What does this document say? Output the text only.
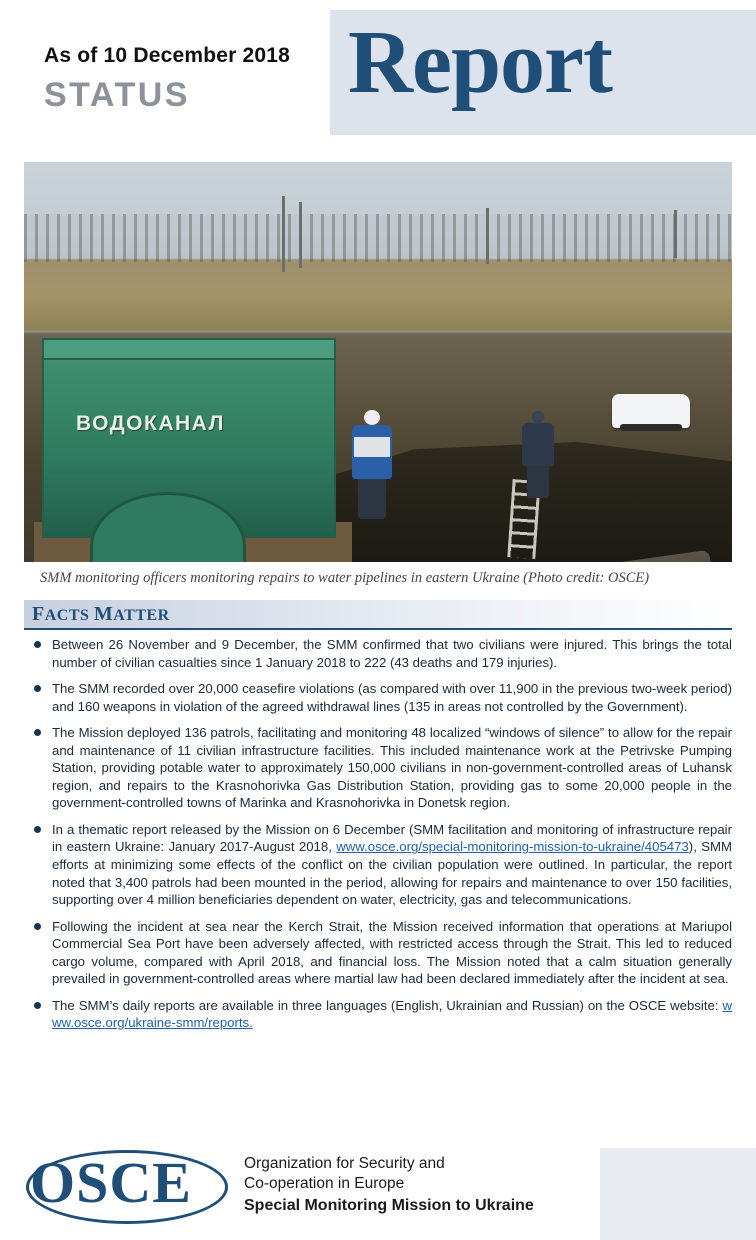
As of 10 December 2018
STATUS Report
ВОДОКАНАЛ
SMM monitoring officers monitoring repairs to water pipelines in eastern Ukraine (Photo credit: OSCE)
FACTS MATTER
Between 26 November and 9 December, the SMM confirmed that two civilians were injured. This brings the total number of civilian casualties since 1 January 2018 to 222 (43 deaths and 179 injuries).
The SMM recorded over 20,000 ceasefire violations (as compared with over 11,900 in the previous two-week period) and 160 weapons in violation of the agreed withdrawal lines (135 in areas not controlled by the Government).
The Mission deployed 136 patrols, facilitating and monitoring 48 localized “windows of silence” to allow for the repair and maintenance of 11 civilian infrastructure facilities. This included maintenance work at the Petrivske Pumping Station, providing potable water to approximately 150,000 civilians in non-government-controlled areas of Luhansk region, and repairs to the Krasnohorivka Gas Distribution Station, providing gas to some 20,000 people in the government-controlled towns of Marinka and Krasnohorivka in Donetsk region.
In a thematic report released by the Mission on 6 December (SMM facilitation and monitoring of infrastructure repair in eastern Ukraine: January 2017-August 2018, www.osce.org/special-monitoring-mission-to-ukraine/405473), SMM efforts at minimizing some effects of the conflict on the civilian population were outlined. In particular, the report noted that 3,400 patrols had been mounted in the period, allowing for repairs and maintenance to over 150 facilities, supporting over 4 million beneficiaries dependent on water, electricity, gas and telecommunications.
Following the incident at sea near the Kerch Strait, the Mission received information that operations at Mariupol Commercial Sea Port have been adversely affected, with restricted access through the Strait. This led to reduced cargo volume, compared with April 2018, and financial loss. The Mission noted that a calm situation generally prevailed in government-controlled areas where martial law had been declared immediately after the incident at sea.
The SMM’s daily reports are available in three languages (English, Ukrainian and Russian) on the OSCE website: www.osce.org/ukraine-smm/reports.
OSCE	Organization for Security and
Co-operation in Europe
Special Monitoring Mission to Ukraine
